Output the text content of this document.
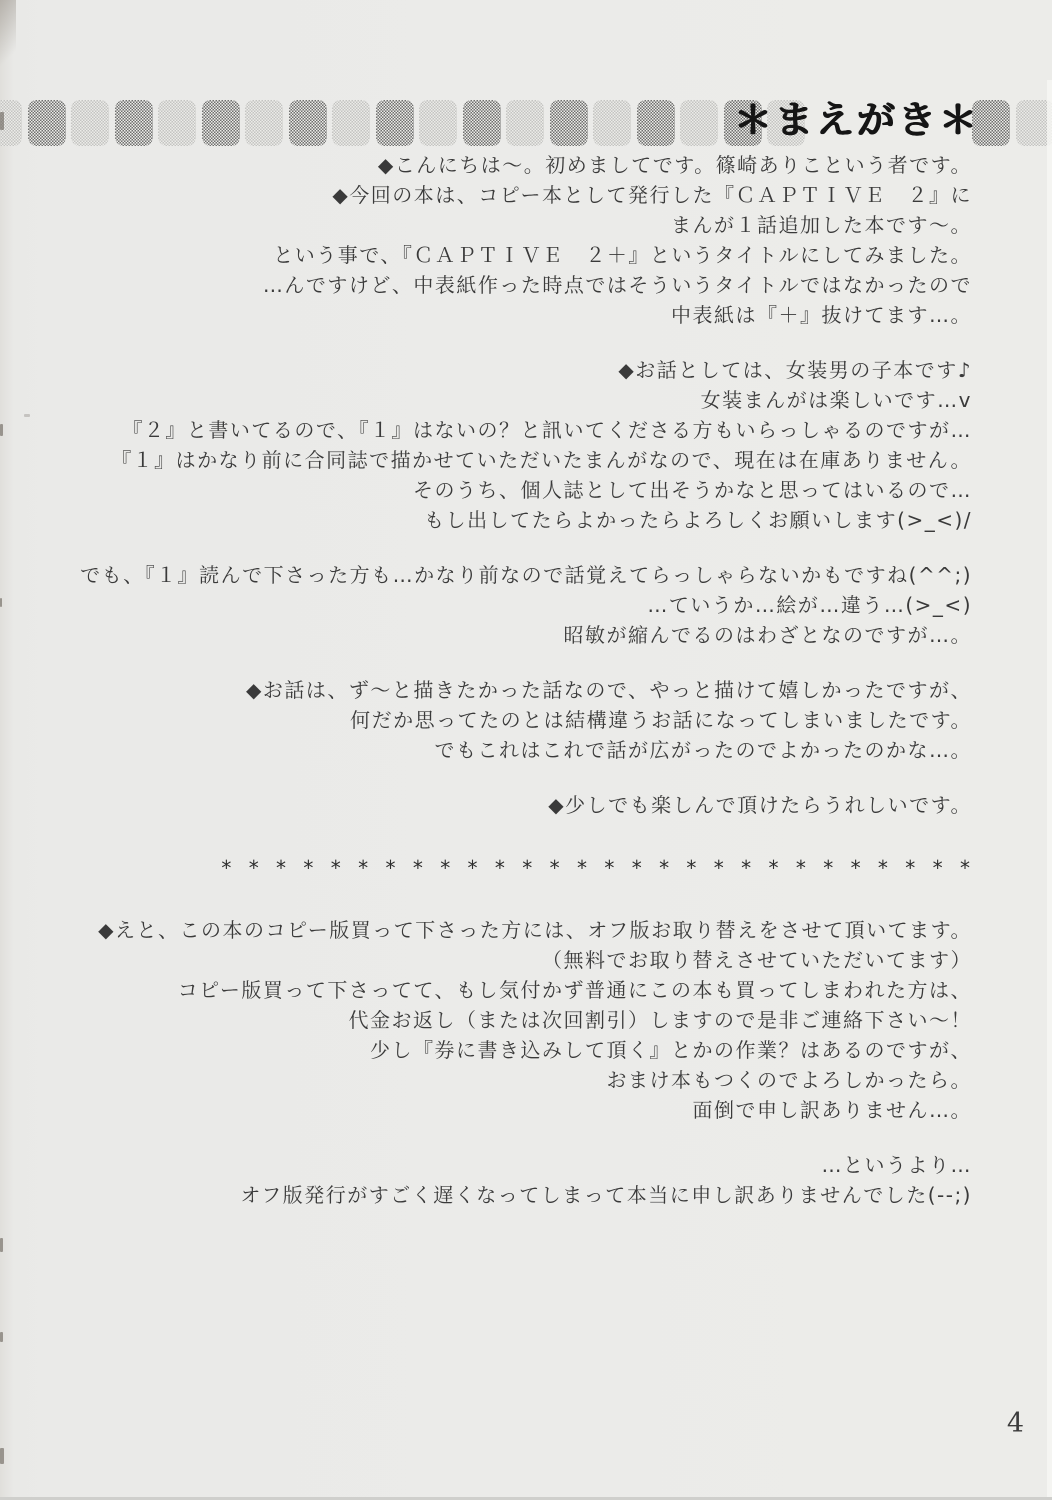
＊まえがき＊
◆こんにちは～。初めましてです。篠崎ありこという者です。
◆今回の本は、コピー本として発行した『ＣＡＰＴＩＶＥ　２』に
まんが１話追加した本です～。
という事で、『ＣＡＰＴＩＶＥ　２＋』というタイトルにしてみました。
…んですけど、中表紙作った時点ではそういうタイトルではなかったので
中表紙は『＋』抜けてます…。
◆お話としては、女装男の子本です♪
女装まんがは楽しいです…v
『２』と書いてるので、『１』はないの？と訊いてくださる方もいらっしゃるのですが…
『１』はかなり前に合同誌で描かせていただいたまんがなので、現在は在庫ありません。
そのうち、個人誌として出そうかなと思ってはいるので…
もし出してたらよかったらよろしくお願いします(>_<)/
でも、『１』読んで下さった方も…かなり前なので話覚えてらっしゃらないかもですね(^^;)
…ていうか…絵が…違う…(>_<)
昭敏が縮んでるのはわざとなのですが…。
◆お話は、ず～と描きたかった話なので、やっと描けて嬉しかったですが、
何だか思ってたのとは結構違うお話になってしまいましたです。
でもこれはこれで話が広がったのでよかったのかな…。
◆少しでも楽しんで頂けたらうれしいです。
* * * * * * * * * * * * * * * * * * * * * * * * * * * *
◆えと、この本のコピー版買って下さった方には、オフ版お取り替えをさせて頂いてます。
（無料でお取り替えさせていただいてます）
コピー版買って下さってて、もし気付かず普通にこの本も買ってしまわれた方は、
代金お返し（または次回割引）しますので是非ご連絡下さい～！
少し『券に書き込みして頂く』とかの作業？はあるのですが、
おまけ本もつくのでよろしかったら。
面倒で申し訳ありません…。
…というより…
オフ版発行がすごく遅くなってしまって本当に申し訳ありませんでした(--;)
4
